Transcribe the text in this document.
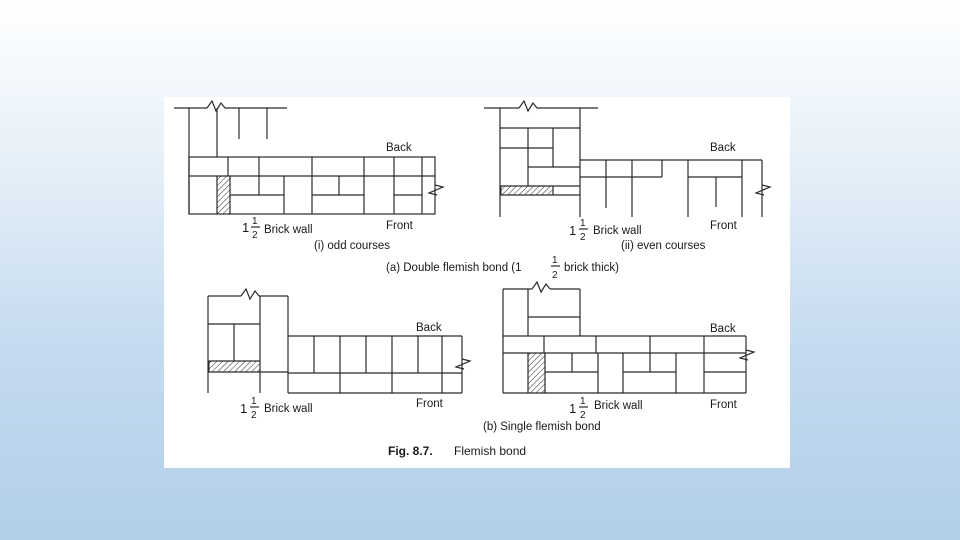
Back
Front
1 1
2 Brick wall
(i) odd courses
Back
Front
1 1
2
Brick wall
(ii) even courses
(a) Double flemish bond (1
1
2
brick thick)
Back
Front
1 1
2
Brick wall
Back
Front
1 1
2
Brick wall
(b) Single flemish bond
Fig. 8.7. Flemish bond
